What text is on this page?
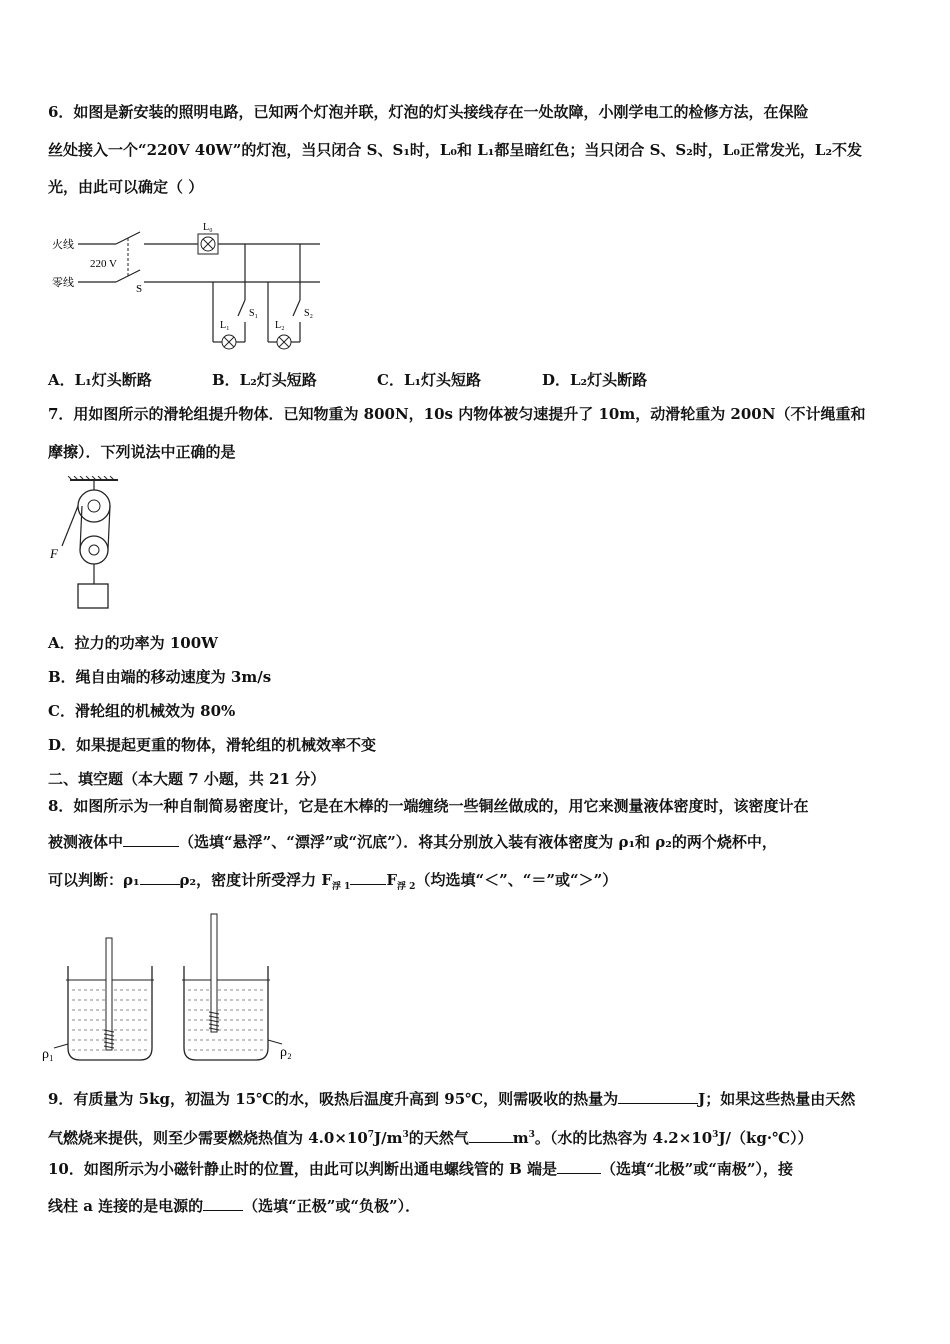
6．如图是新安装的照明电路，已知两个灯泡并联，灯泡的灯头接线存在一处故障，小刚学电工的检修方法，在保险
丝处接入一个“220V 40W”的灯泡，当只闭合 S、S₁时，L₀和 L₁都呈暗红色；当只闭合 S、S₂时，L₀正常发光，L₂不发
光，由此可以确定（ ）
火线
零线
220 V
S
L₀
S₁
L₁
S₂
L₂
A．L₁灯头断路	B．L₂灯头短路	C．L₁灯头短路	D．L₂灯头断路
7．用如图所示的滑轮组提升物体．已知物重为 800N，10s 内物体被匀速提升了 10m，动滑轮重为 200N（不计绳重和
摩擦）．下列说法中正确的是
F
A．拉力的功率为 100W
B．绳自由端的移动速度为 3m/s
C．滑轮组的机械效为 80%
D．如果提起更重的物体，滑轮组的机械效率不变
二、填空题（本大题 7 小题，共 21 分）
8．如图所示为一种自制简易密度计，它是在木棒的一端缠绕一些铜丝做成的，用它来测量液体密度时，该密度计在
被测液体中	（选填“悬浮”、“漂浮”或“沉底”）．将其分别放入装有液体密度为 ρ₁和 ρ₂的两个烧杯中，
可以判断：ρ₁	ρ₂，密度计所受浮力 $F_{浮 1}$ $F_{浮 2}$（均选填“＜”、“＝”或“＞”）
ρ₁	ρ₂
9．有质量为 5kg，初温为 15℃的水，吸热后温度升高到 95℃，则需吸收的热量为	J；如果这些热量由天然
气燃烧来提供，则至少需要燃烧热值为 $4.0\times 10^7J/m^3$的天然气	$m^3$。（水的比热容为 $4.2\times 10^3J/(kg\cdot℃)$）
10．如图所示为小磁针静止时的位置，由此可以判断出通电螺线管的 B 端是	（选填“北极”或“南极”），接
线柱 a 连接的是电源的	（选填“正极”或“负极”）．
